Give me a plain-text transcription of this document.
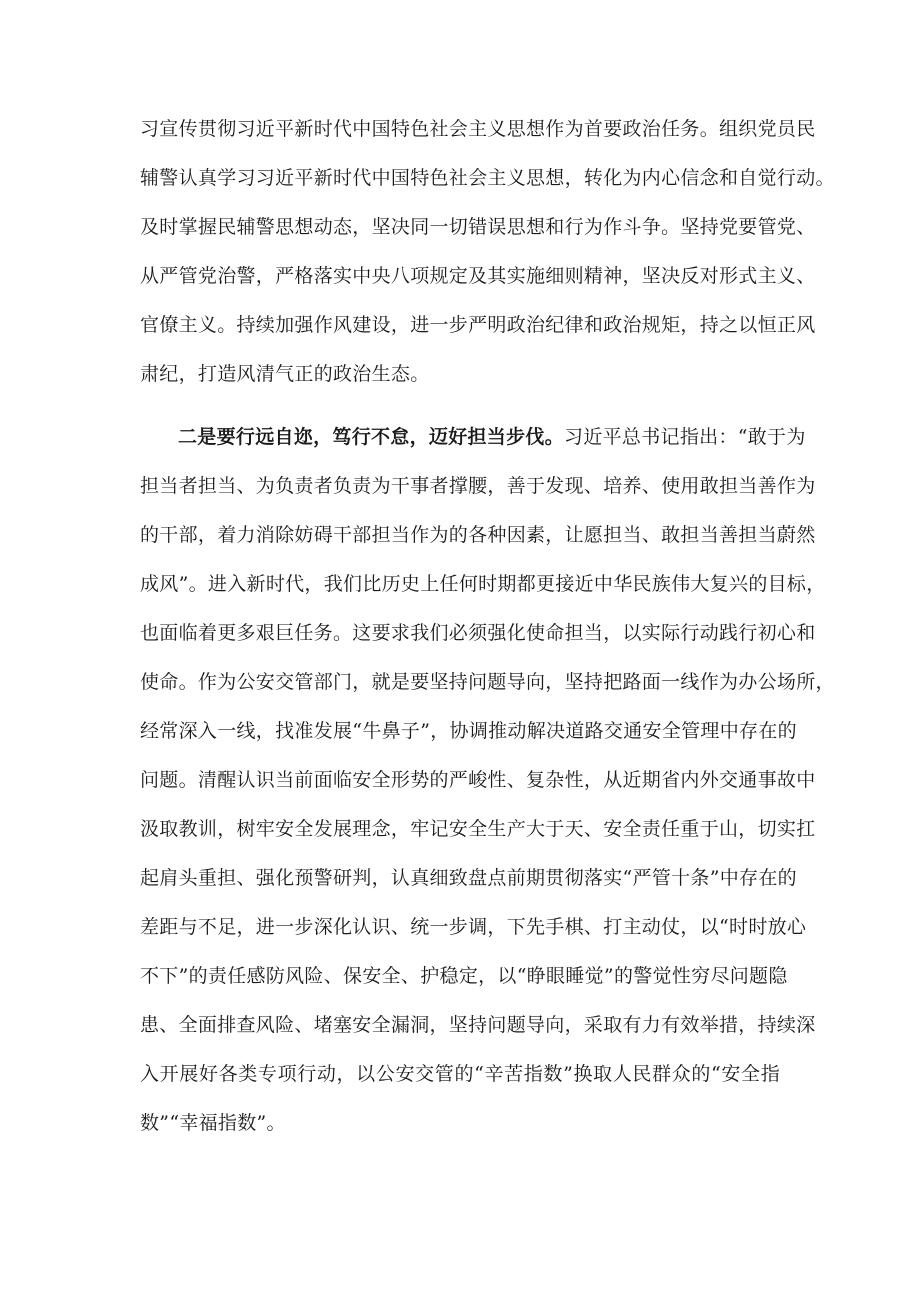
习宣传贯彻习近平新时代中国特色社会主义思想作为首要政治任务。组织党员民
辅警认真学习习近平新时代中国特色社会主义思想，转化为内心信念和自觉行动。
及时掌握民辅警思想动态，坚决同一切错误思想和行为作斗争。坚持党要管党、
从严管党治警，严格落实中央八项规定及其实施细则精神，坚决反对形式主义、
官僚主义。持续加强作风建设，进一步严明政治纪律和政治规矩，持之以恒正风
肃纪，打造风清气正的政治生态。
二是要行远自迩，笃行不怠，迈好担当步伐。习近平总书记指出：“敢于为
担当者担当、为负责者负责为干事者撑腰，善于发现、培养、使用敢担当善作为
的干部，着力消除妨碍干部担当作为的各种因素，让愿担当、敢担当善担当蔚然
成风”。进入新时代，我们比历史上任何时期都更接近中华民族伟大复兴的目标，
也面临着更多艰巨任务。这要求我们必须强化使命担当，以实际行动践行初心和
使命。作为公安交管部门，就是要坚持问题导向，坚持把路面一线作为办公场所，
经常深入一线，找准发展“牛鼻子”，协调推动解决道路交通安全管理中存在的
问题。清醒认识当前面临安全形势的严峻性、复杂性，从近期省内外交通事故中
汲取教训，树牢安全发展理念，牢记安全生产大于天、安全责任重于山，切实扛
起肩头重担、强化预警研判，认真细致盘点前期贯彻落实“严管十条”中存在的
差距与不足，进一步深化认识、统一步调，下先手棋、打主动仗，以“时时放心
不下”的责任感防风险、保安全、护稳定，以“睁眼睡觉”的警觉性穷尽问题隐
患、全面排查风险、堵塞安全漏洞，坚持问题导向，采取有力有效举措，持续深
入开展好各类专项行动，以公安交管的“辛苦指数”换取人民群众的“安全指
数”“幸福指数”。
